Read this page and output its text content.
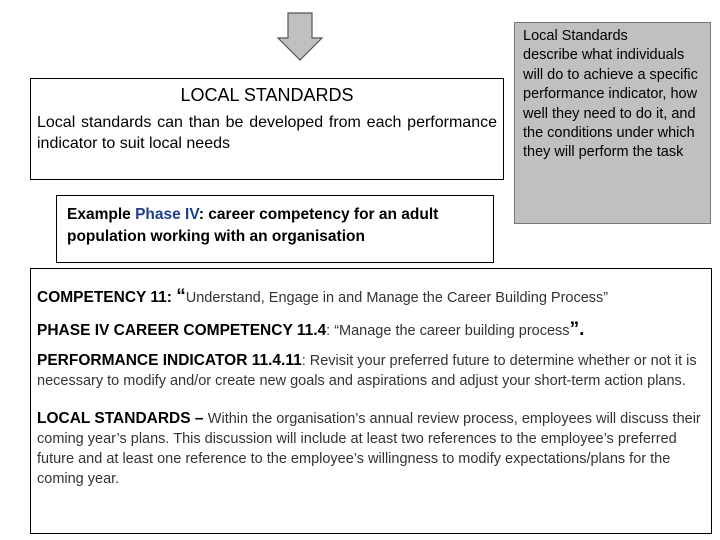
LOCAL STANDARDS
Local standards can than be developed from each performance indicator to suit local needs
Local Standards
describe what individuals will do to achieve a specific performance indicator, how well they need to do it, and the conditions under which they will perform the task
Example Phase IV: career competency for an adult population working with an organisation

COMPETENCY 11: “Understand, Engage in and Manage the Career Building Process”

PHASE IV CAREER COMPETENCY 11.4: “Manage the career building process”.

PERFORMANCE INDICATOR 11.4.11: Revisit your preferred future to determine whether or not it is necessary to modify and/or create new goals and aspirations and adjust your short-term action plans.

LOCAL STANDARDS – Within the organisation’s annual review process, employees will discuss their coming year’s plans. This discussion will include at least two references to the employee’s preferred future and at least one reference to the employee’s willingness to modify expectations/plans for the coming year.
